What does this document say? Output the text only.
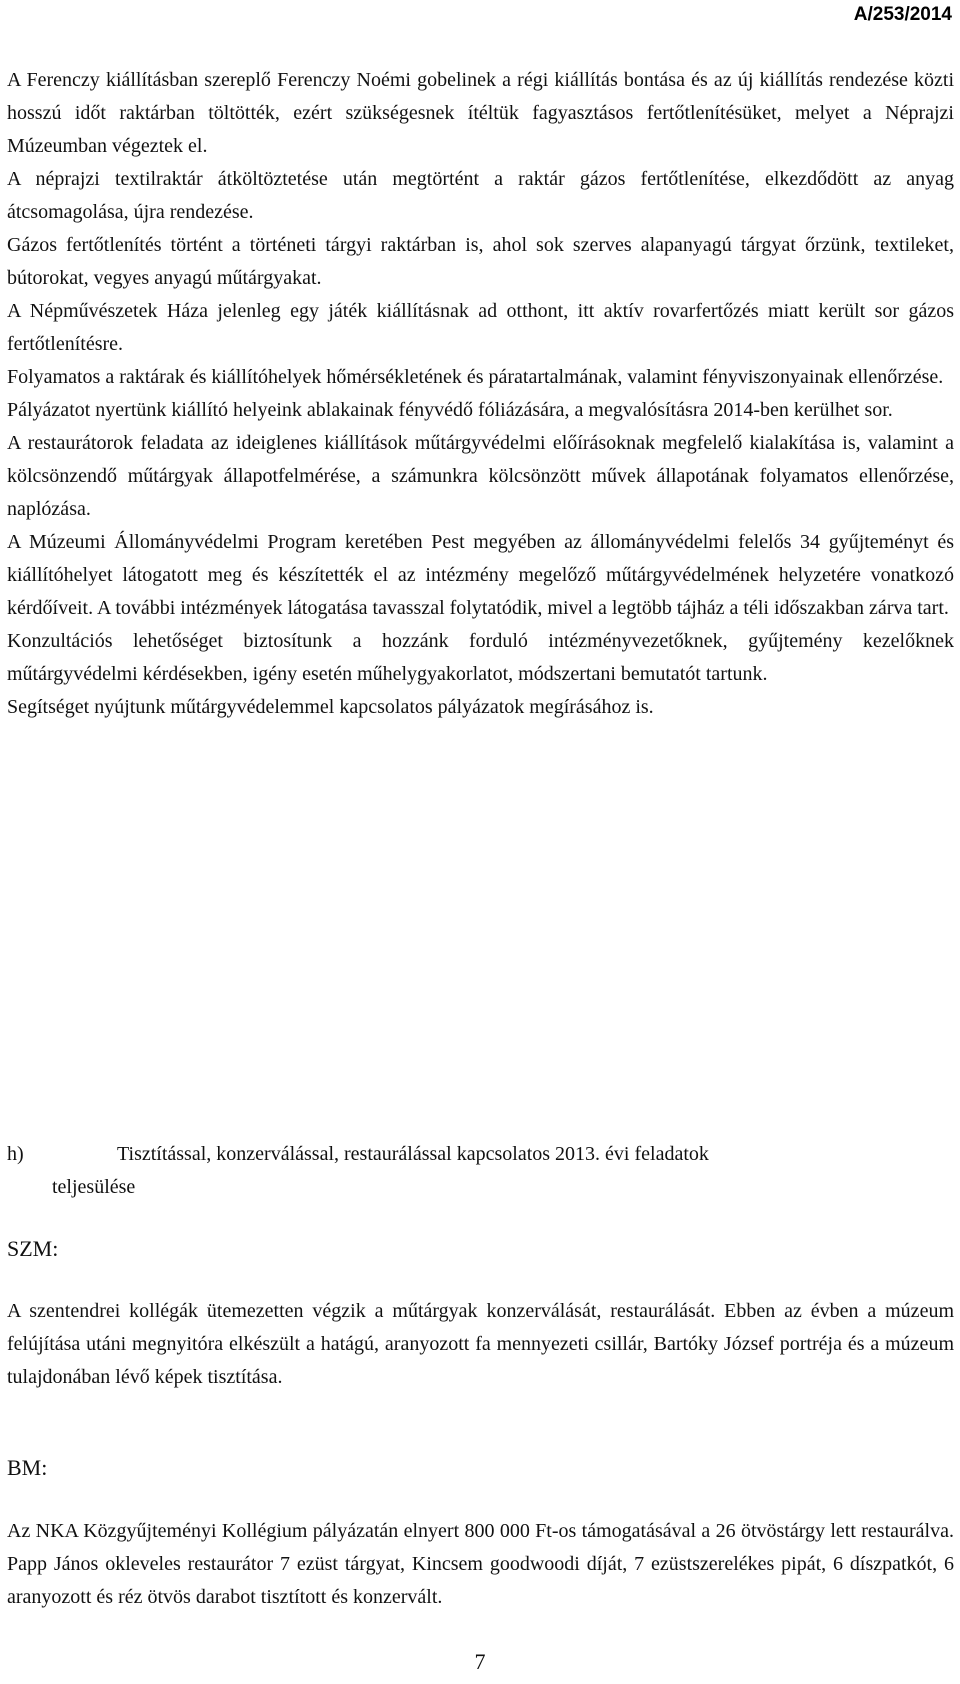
A/253/2014

A Ferenczy kiállításban szereplő Ferenczy Noémi gobelinek a régi kiállítás bontása és az új kiállítás rendezése közti hosszú időt raktárban töltötték, ezért szükségesnek ítéltük fagyasztásos fertőtlenítésüket, melyet a Néprajzi Múzeumban végeztek el.

A néprajzi textilraktár átköltöztetése után megtörtént a raktár gázos fertőtlenítése, elkezdődött az anyag átcsomagolása, újra rendezése.

Gázos fertőtlenítés történt a történeti tárgyi raktárban is, ahol sok szerves alapanyagú tárgyat őrzünk, textileket, bútorokat, vegyes anyagú műtárgyakat.

A Népművészetek Háza jelenleg egy játék kiállításnak ad otthont, itt aktív rovarfertőzés miatt került sor gázos fertőtlenítésre.

Folyamatos a raktárak és kiállítóhelyek hőmérsékletének és páratartalmának, valamint fényviszonyainak ellenőrzése.

Pályázatot nyertünk kiállító helyeink ablakainak fényvédő fóliázására, a megvalósításra 2014-ben kerülhet sor.

A restaurátorok feladata az ideiglenes kiállítások műtárgyvédelmi előírásoknak megfelelő kialakítása is, valamint a kölcsönzendő műtárgyak állapotfelmérése, a számunkra kölcsönzött művek állapotának folyamatos ellenőrzése, naplózása.

A Múzeumi Állományvédelmi Program keretében Pest megyében az állományvédelmi felelős 34 gyűjteményt és kiállítóhelyet látogatott meg és készítették el az intézmény megelőző műtárgyvédelmének helyzetére vonatkozó kérdőíveit. A további intézmények látogatása tavasszal folytatódik, mivel a legtöbb tájház a téli időszakban zárva tart.

Konzultációs lehetőséget biztosítunk a hozzánk forduló intézményvezetőknek, gyűjtemény kezelőknek műtárgyvédelmi kérdésekben, igény esetén műhelygyakorlatot, módszertani bemutatót tartunk.

Segítséget nyújtunk műtárgyvédelemmel kapcsolatos pályázatok megírásához is.

h)	Tisztítással, konzerválással, restaurálással kapcsolatos 2013. évi feladatok
teljesülése

SZM:

A szentendrei kollégák ütemezetten végzik a műtárgyak konzerválását, restaurálását. Ebben az évben a múzeum felújítása utáni megnyitóra elkészült a hatágú, aranyozott fa mennyezeti csillár, Bartóky József portréja és a múzeum tulajdonában lévő képek tisztítása.

BM:

Az NKA Közgyűjteményi Kollégium pályázatán elnyert 800 000 Ft-os támogatásával a 26 ötvöstárgy lett restaurálva. Papp János okleveles restaurátor 7 ezüst tárgyat, Kincsem goodwoodi díját, 7 ezüstszerelékes pipát, 6 díszpatkót, 6 aranyozott és réz ötvös darabot tisztított és konzervált.

7
